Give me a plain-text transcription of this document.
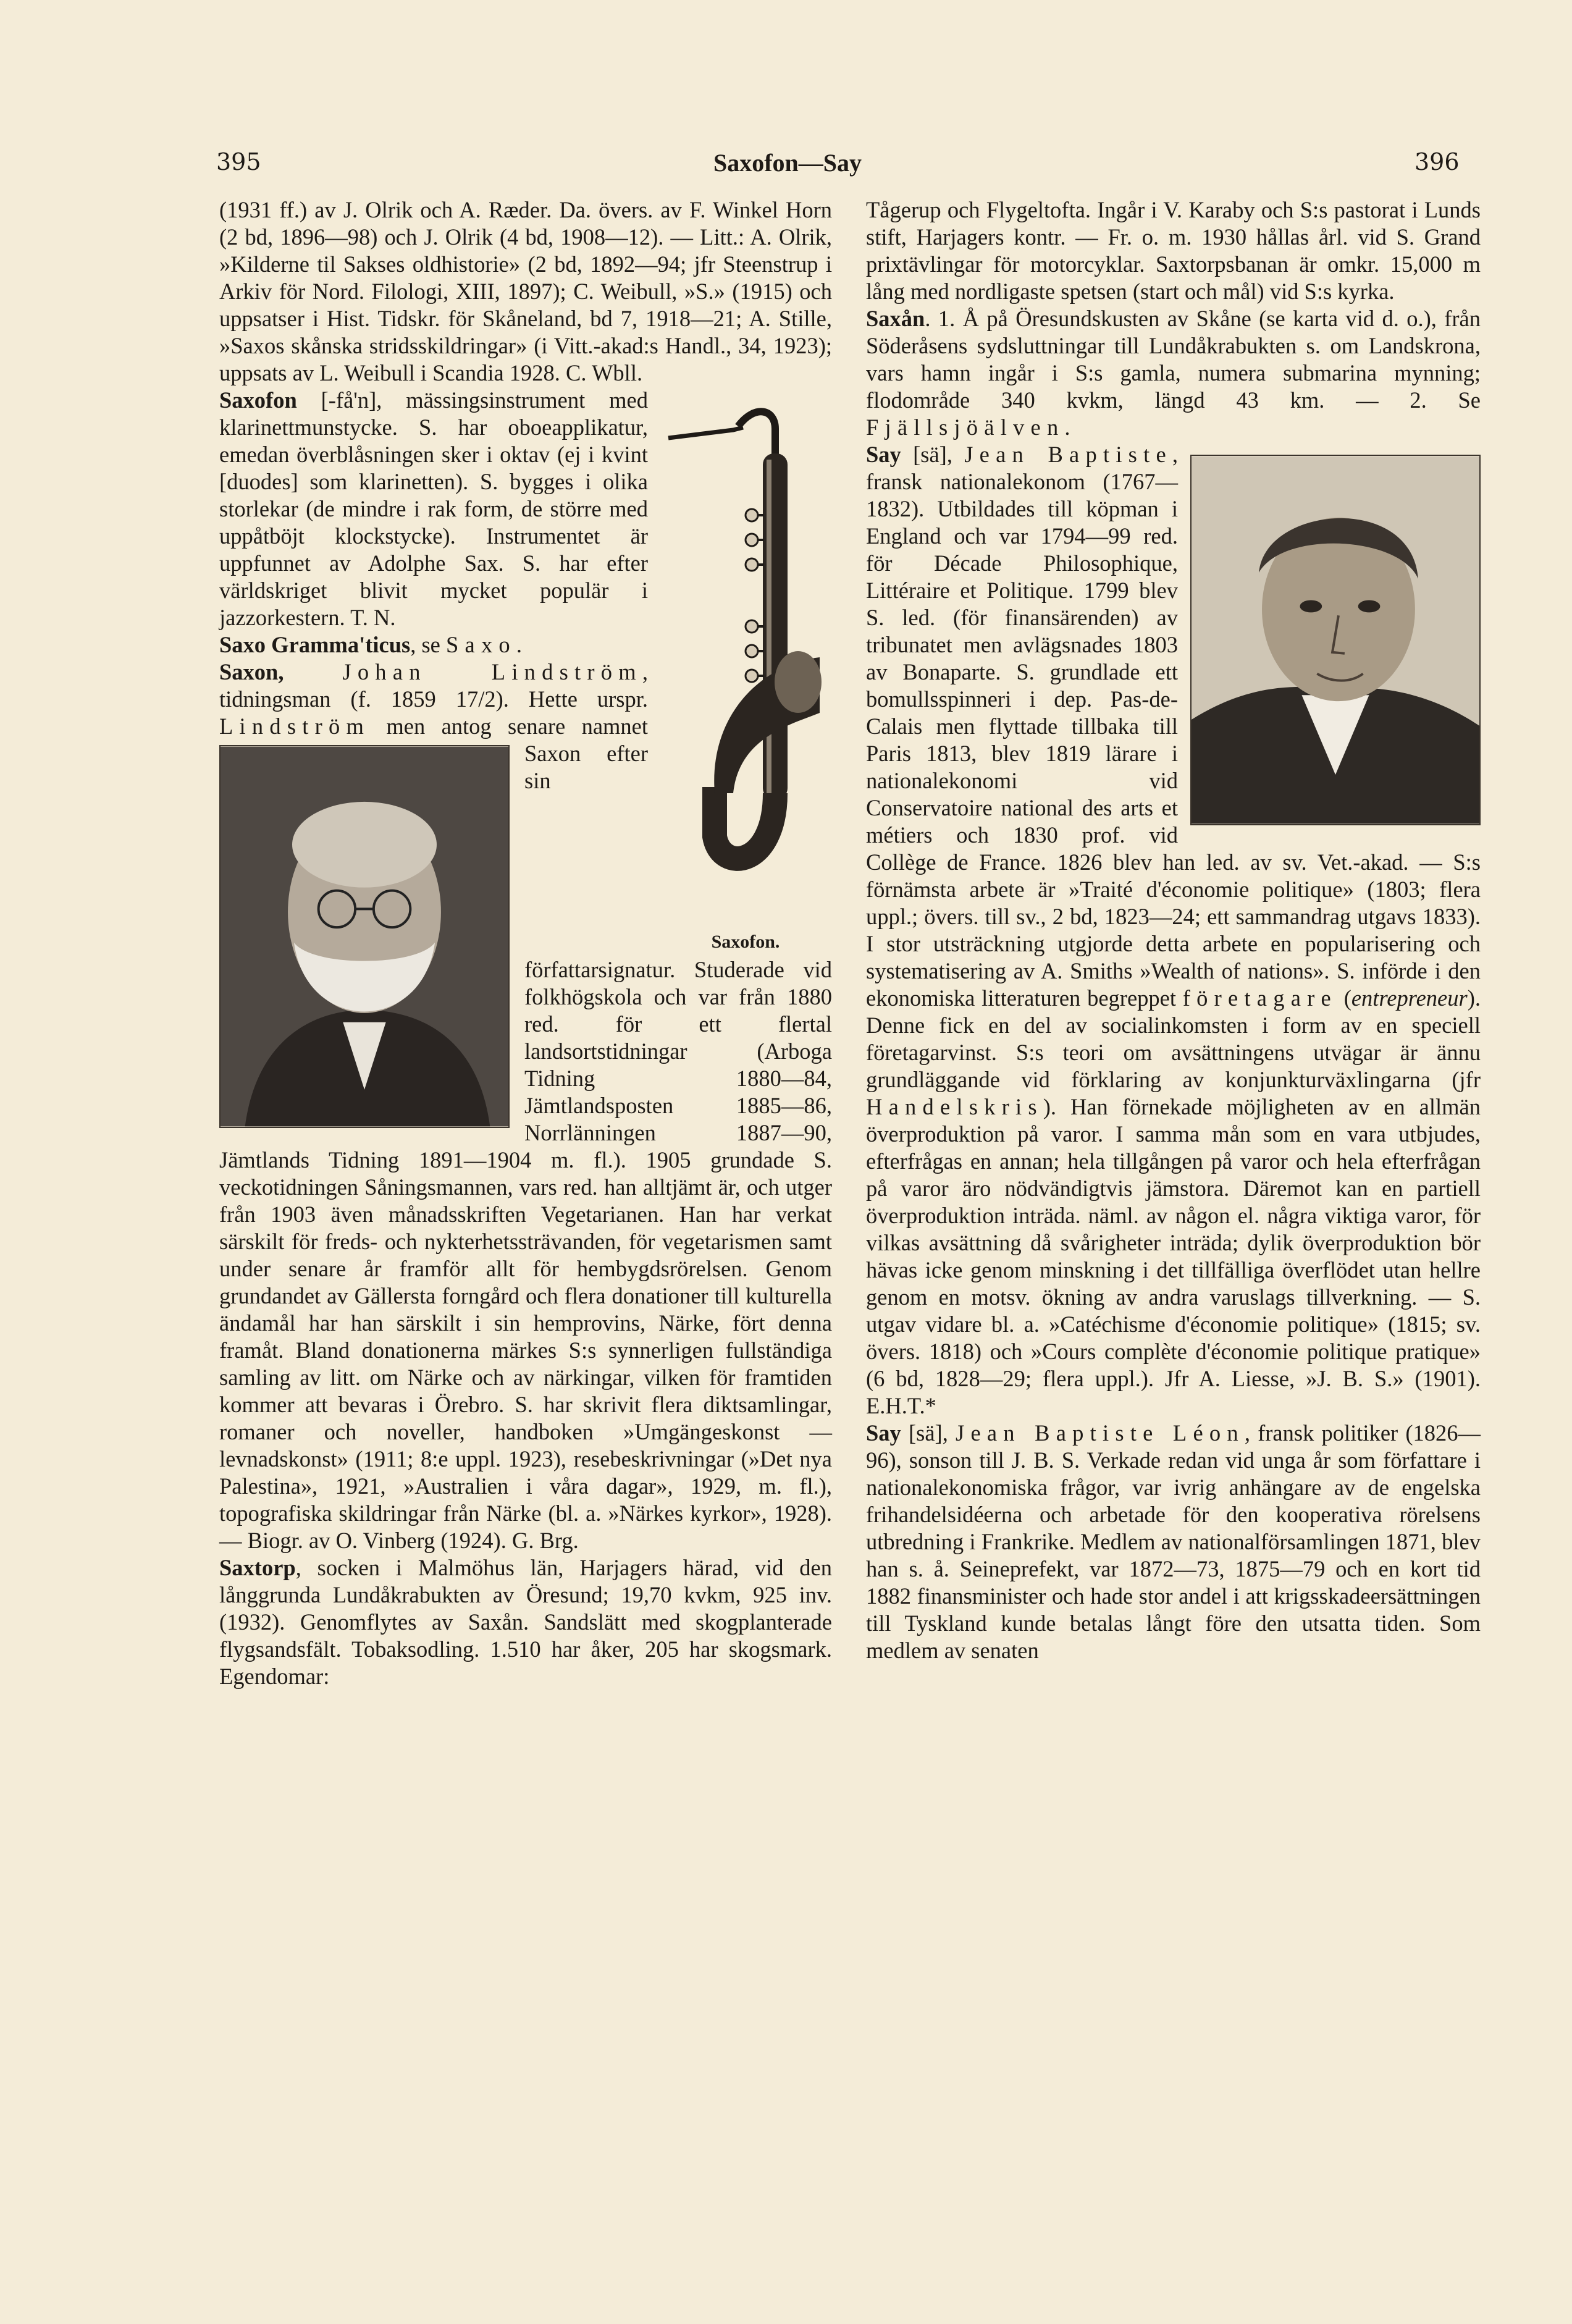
395	Saxofon—Say	396

(1931 ff.) av J. Olrik och A. Ræder. Da. övers. av F. Winkel Horn (2 bd, 1896—98) och J. Olrik (4 bd, 1908—12). — Litt.: A. Olrik, »Kilderne til Sakses oldhistorie» (2 bd, 1892—94; jfr Steenstrup i Arkiv för Nord. Filologi, XIII, 1897); C. Weibull, »S.» (1915) och uppsatser i Hist. Tidskr. för Skåneland, bd 7, 1918—21; A. Stille, »Saxos skånska stridsskildringar» (i Vitt.-akad:s Handl., 34, 1923); uppsats av L. Weibull i Scandia 1928. C. Wbll.

Saxofon.

Saxofon [-få'n], mässingsinstrument med klarinettmunstycke. S. har oboeapplikatur, emedan överblåsningen sker i oktav (ej i kvint [duodes] som klarinetten). S. bygges i olika storlekar (de mindre i rak form, de större med uppåtböjt klockstycke). Instrumentet är uppfunnet av Adolphe Sax. S. har efter världskriget blivit mycket populär i jazzorkestern. T. N.

Saxo Gramma'ticus, se Saxo.

Saxon,	Johan Lindström, tidningsman (f. 1859 17/2). Hette urspr. Lindström
men antog senare namnet Saxon efter sin författarsignatur. Studerade vid folkhögskola och var från 1880 red. för ett flertal landsortstidningar (Arboga Tidning 1880—84, Jämtlandsposten 1885—86, Norrlänningen 1887—90, Jämtlands Tidning 1891—1904 m. fl.). 1905 grundade S. veckotidningen Såningsmannen, vars red. han alltjämt är, och utger från 1903 även månadsskriften Vegetarianen. Han har verkat särskilt för freds- och nykterhetssträvanden, för vegetarismen samt under senare år framför allt för hembygdsrörelsen. Genom grundandet av Gällersta forngård och flera donationer till kulturella ändamål har han särskilt i sin hemprovins, Närke, fört denna framåt. Bland donationerna märkes S:s synnerligen fullständiga samling av litt. om Närke och av närkingar, vilken för framtiden kommer att bevaras i Örebro. S. har skrivit flera diktsamlingar, romaner och noveller, handboken »Umgängeskonst — levnadskonst» (1911; 8:e uppl. 1923), resebeskrivningar (»Det nya Palestina», 1921, »Australien i våra dagar», 1929, m. fl.), topografiska skildringar från Närke (bl. a. »Närkes kyrkor», 1928). — Biogr. av O. Vinberg (1924). G. Brg.

Saxtorp, socken i Malmöhus län, Harjagers härad, vid den långgrunda Lundåkrabukten av Öresund; 19,70 kvkm, 925 inv. (1932). Genomflytes av Saxån. Sandslätt med skogplanterade flygsandsfält. Tobaksodling. 1.510 har åker, 205 har skogsmark. Egendomar:

Tågerup och Flygeltofta. Ingår i V. Karaby och S:s pastorat i Lunds stift, Harjagers kontr. — Fr. o. m. 1930 hållas årl. vid S. Grand prixtävlingar för motorcyklar. Saxtorpsbanan är omkr. 15,000 m lång med nordligaste spetsen (start och mål) vid S:s kyrka.

Saxån. 1. Å på Öresundskusten av Skåne (se karta vid d. o.), från Söderåsens sydsluttningar till Lundåkrabukten s. om Landskrona, vars hamn ingår i S:s gamla, numera submarina mynning; flodområde 340 kvkm, längd 43 km. — 2. Se Fjällsjöälven.

Say [sä], Jean Baptiste
, fransk nationalekonom (1767—1832). Utbildades till köpman i England och var 1794—99 red. för Décade Philosophique, Littéraire et Politique. 1799 blev S. led. (för finansärenden) av tribunatet men avlägsnades 1803 av Bonaparte. S. grundlade ett bomullsspinneri i dep. Pas-de-Calais men flyttade tillbaka till Paris 1813, blev 1819 lärare i nationalekonomi vid Conservatoire national des arts et métiers och 1830 prof. vid Collège de France. 1826 blev han led. av sv. Vet.-akad. — S:s förnämsta arbete är »Traité d'économie politique» (1803; flera uppl.; övers. till sv., 2 bd, 1823—24; ett sammandrag utgavs 1833). I stor utsträckning utgjorde detta arbete en popularisering och systematisering av A. Smiths »Wealth of nations». S. införde i den ekonomiska litteraturen begreppet företagare (entrepreneur). Denne fick en del av socialinkomsten i form av en speciell företagarvinst. S:s teori om avsättningens utvägar är ännu grundläggande vid förklaring av konjunkturväxlingarna (jfr Handelskris). Han förnekade möjligheten av en allmän överproduktion på varor. I samma mån som en vara utbjudes, efterfrågas en annan; hela tillgången på varor och hela efterfrågan på varor äro nödvändigtvis jämstora. Däremot kan en partiell överproduktion inträda. näml. av någon el. några viktiga varor, för vilkas avsättning då svårigheter inträda; dylik överproduktion bör hävas icke genom minskning i det tillfälliga överflödet utan hellre genom en motsv. ökning av andra varuslags tillverkning. — S. utgav vidare bl. a. »Catéchisme d'économie politique» (1815; sv. övers. 1818) och »Cours complète d'économie politique pratique» (6 bd, 1828—29; flera uppl.). Jfr A. Liesse, »J. B. S.» (1901). E.H.T.*

Say [sä], Jean Baptiste Léon, fransk politiker (1826—96), sonson till J. B. S. Verkade redan vid unga år som författare i nationalekonomiska frågor, var ivrig anhängare av de engelska frihandelsidéerna och arbetade för den kooperativa rörelsens utbredning i Frankrike. Medlem av nationalförsamlingen 1871, blev han s. å. Seineprefekt, var 1872—73, 1875—79 och en kort tid 1882 finansminister och hade stor andel i att krigsskadeersättningen till Tyskland kunde betalas långt före den utsatta tiden. Som medlem av senaten
